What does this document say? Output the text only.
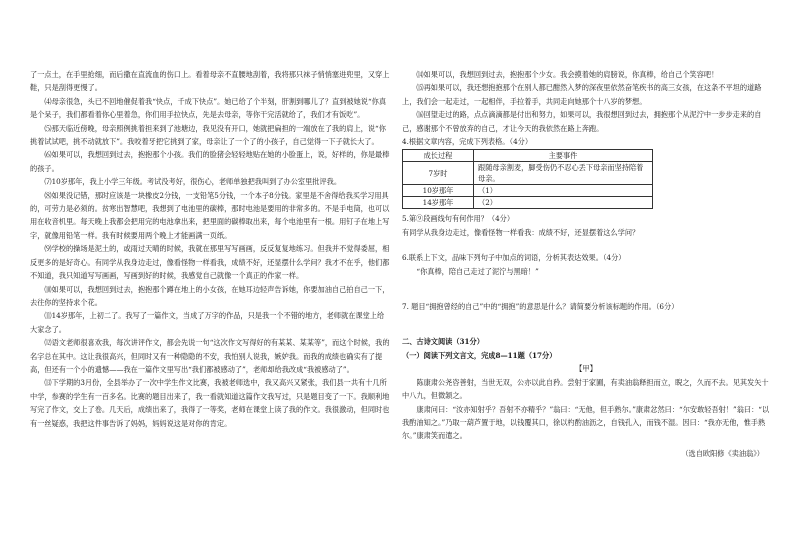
了一点土，在手里抢细，而后撒在直流血的伤口上。看着母亲不直腰地刮着，我将那只袜子悄悄塞进兜里，又穿上鞋，只是刮得更慢了。

⑷母亲很急，头已不回地催促着我“快点，千成下快点”。她已给了个半刻，肝割到哪儿了？直到被她说“你真是个呆子，我们都看着你心里着急，你们用手拉快点，先是去母亲，等你干完活就给了，我们才有饭吃”。

⑸那天临近傍晚，母亲照例挑着担来到了池塘边，我见没有开口，她就把扁担的一端放在了我的肩上，说“你挑着试试吧，挑不动就放下”。我咬着牙把它挑到了家，母亲让了一个了的小孩子，自己觉得一下子就长大了。

⑹如果可以，我想回到过去，抱抱那个小孩。我们的脸猪会轻轻地贴在她的小脸蛋上，说，好样的，你是最棒的孩子。

⑺10岁那年，我上小学三年级。考试没考好，很伤心，老师单独把我叫到了办公室里批评我。

⑻如果没记错，那时应该是一块橡皮2分钱，一支铅笔5分钱，一个本子8分钱。家里是不舍得给我买学习用具的，可劳力是必须的。贫寒出智慧吧，我想到了电池里的碳棒，那时电池是要用的非常多的。不是手电筒，也可以用在收音机里。每天晚上我都会把用完的电池拿出来，把里面的碳棒取出来，每个电池里有一根。用钉子在地上写字，就像用铅笔一样。我有时候要用两个晚上才能画满一页纸。

⑼学校的操场是泥土的，或雨过天晴的时候，我就在那里写写画画，反反复复地练习。但我并不觉得委屈，相反更多的是好奇心。有同学从我身边走过，像看怪物一样看我，成绩不好，还显摆什么学问？我才不在乎，他们都不知道，我只知道写写画画，写画到好的时候，我感觉自己就像一个真正的作家一样。

⑽如果可以，我想回到过去，抱抱那个蹲在地上的小女孩，在她耳边轻声告诉她，你要加油自己拍自己一下，去往你的坚持求个花。

⑾14岁那年，上初二了。我写了一篇作文，当成了万字的作品，只是我一个不错的地方，老师就在课堂上给大家念了。

⑿语文老师很喜欢我，每次讲评作文，都会先说一句“这次作文写得好的有某某、某某等”，而这个时候，我的名字总在其中。这让我很高兴，但同时又有一种隐隐的不安，我怕别人说我，嫉妒我。而我的成绩也确实有了提高，但还有一个小的遗憾——我在一篇作文里写出“我们都被感动了”，老师却给我改成“我被感动了”。

⒀下学期的3月份，全县举办了一次中学生作文比赛，我被老师选中，我又高兴又紧张，我们县一共有十几所中学，参赛的学生有一百多名。比赛的题目出来了，我一看就知道这篇作文我写过，只是题目变了一下。我顺利地写完了作文，交上了卷。几天后，成绩出来了，我得了一等奖，老师在课堂上读了我的作文。我很激动，但同时也有一丝疑惑，我把这件事告诉了妈妈，妈妈说这是对你的肯定。

⒁如果可以，我想回到过去，抱抱那个少女。我会摸着她的肩膀说，你真棒，给自己个笑容吧！

⒂再如果可以，我还想抱抱那个在别人都已酣然入梦的深夜里依然奋笔疾书的高三女孩，在这条不平坦的道路上，我们会一起走过，一起相伴，手拉着手，共同走向她那个十八岁的梦想。

⒃回望走过的路，点点滴滴都是付出和努力，如果可以，我很想回到过去，拥抱那个从泥泞中一步步走来的自己，感谢那个不曾放弃的自己，才让今天的我依然在路上奔跑。

4.根据文章内容，完成下列表格。（4分）

成长过程	主要事件
7岁时	跟随母亲割麦，脚受伤仍不忍心丢下母亲而坚持陪着母亲。
10岁那年	（1）
14岁那年	（2）

5.第⑨段画线句有何作用？（4分）

有同学从我身边走过，像看怪物一样看我：成绩不好，还显摆着这么学问？

6.联系上下文，品味下列句子中加点的词语，分析其表达效果。（4分）

“你真棒，陪自己走过了泥泞与黑暗！”

7. 题目“拥抱曾经的自己”中的“拥抱”的意思是什么？请简要分析该标题的作用。（6分）

二、古诗文阅读（31分）

（一）阅读下列文言文，完成8—11题（17分）

【甲】

陈康肃公尧咨善射，当世无双，公亦以此自矜。尝射于家圃，有卖油翁释担而立，睨之，久而不去。见其发矢十中八九，但微颔之。

康肃问曰：“汝亦知射乎？吾射不亦精乎？”翁曰：“无他，但手熟尔。”康肃忿然曰：“尔安敢轻吾射！”翁曰：“以我酌油知之。”乃取一葫芦置于地，以钱覆其口，徐以杓酌油沥之，自钱孔入，而钱不湿。因曰：“我亦无他，惟手熟尔。”康肃笑而遣之。

（选自欧阳修《卖油翁》）
